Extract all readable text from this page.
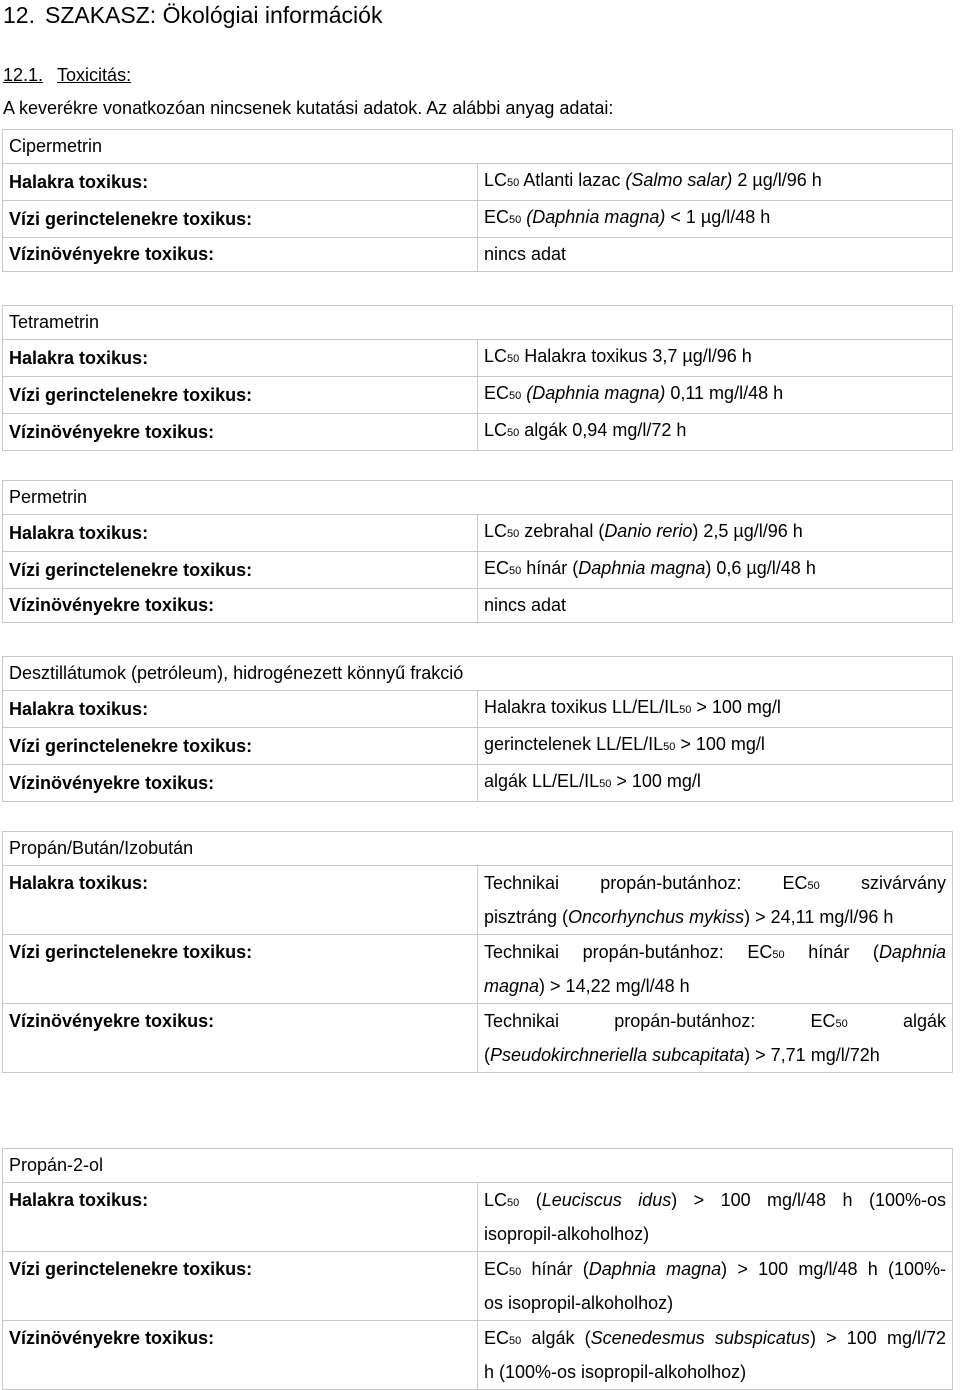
12. SZAKASZ: Ökológiai információk
12.1. Toxicitás:
A keverékre vonatkozóan nincsenek kutatási adatok. Az alábbi anyag adatai:
Cipermetrin	
Halakra toxikus:	LC50 Atlanti lazac (Salmo salar) 2 µg/l/96 h
Vízi gerinctelenekre toxikus:	EC50 (Daphnia magna) < 1 µg/l/48 h
Vízinövényekre toxikus:	nincs adat
Tetrametrin	
Halakra toxikus:	LC50 Halakra toxikus 3,7 µg/l/96 h
Vízi gerinctelenekre toxikus:	EC50 (Daphnia magna) 0,11 mg/l/48 h
Vízinövényekre toxikus:	LC50 algák 0,94 mg/l/72 h
Permetrin	
Halakra toxikus:	LC50 zebrahal (Danio rerio) 2,5 µg/l/96 h
Vízi gerinctelenekre toxikus:	EC50 hínár (Daphnia magna) 0,6 µg/l/48 h
Vízinövényekre toxikus:	nincs adat
Desztillátumok (petróleum), hidrogénezett könnyű frakció	
Halakra toxikus:	Halakra toxikus LL/EL/IL50 > 100 mg/l
Vízi gerinctelenekre toxikus:	gerinctelenek LL/EL/IL50 > 100 mg/l
Vízinövényekre toxikus:	algák LL/EL/IL50 > 100 mg/l
Propán/Bután/Izobután	

Halakra toxikus:	Technikai propán-butánhoz: EC50 szivárvány
pisztráng (Oncorhynchus mykiss) > 24,11 mg/l/96 h

Vízi gerinctelenekre toxikus:	Technikai propán-butánhoz: EC50 hínár (Daphnia
magna) > 14,22 mg/l/48 h

Vízinövényekre toxikus:	Technikai propán-butánhoz: EC50 algák
(Pseudokirchneriella subcapitata) > 7,71 mg/l/72h
Propán-2-ol	

Halakra toxikus:	LC50 (Leuciscus idus) > 100 mg/l/48 h (100%-os
isopropil-alkoholhoz)

Vízi gerinctelenekre toxikus:	EC50 hínár (Daphnia magna) > 100 mg/l/48 h (100%-
os isopropil-alkoholhoz)

Vízinövényekre toxikus:	EC50 algák (Scenedesmus subspicatus) > 100 mg/l/72
h (100%-os isopropil-alkoholhoz)
